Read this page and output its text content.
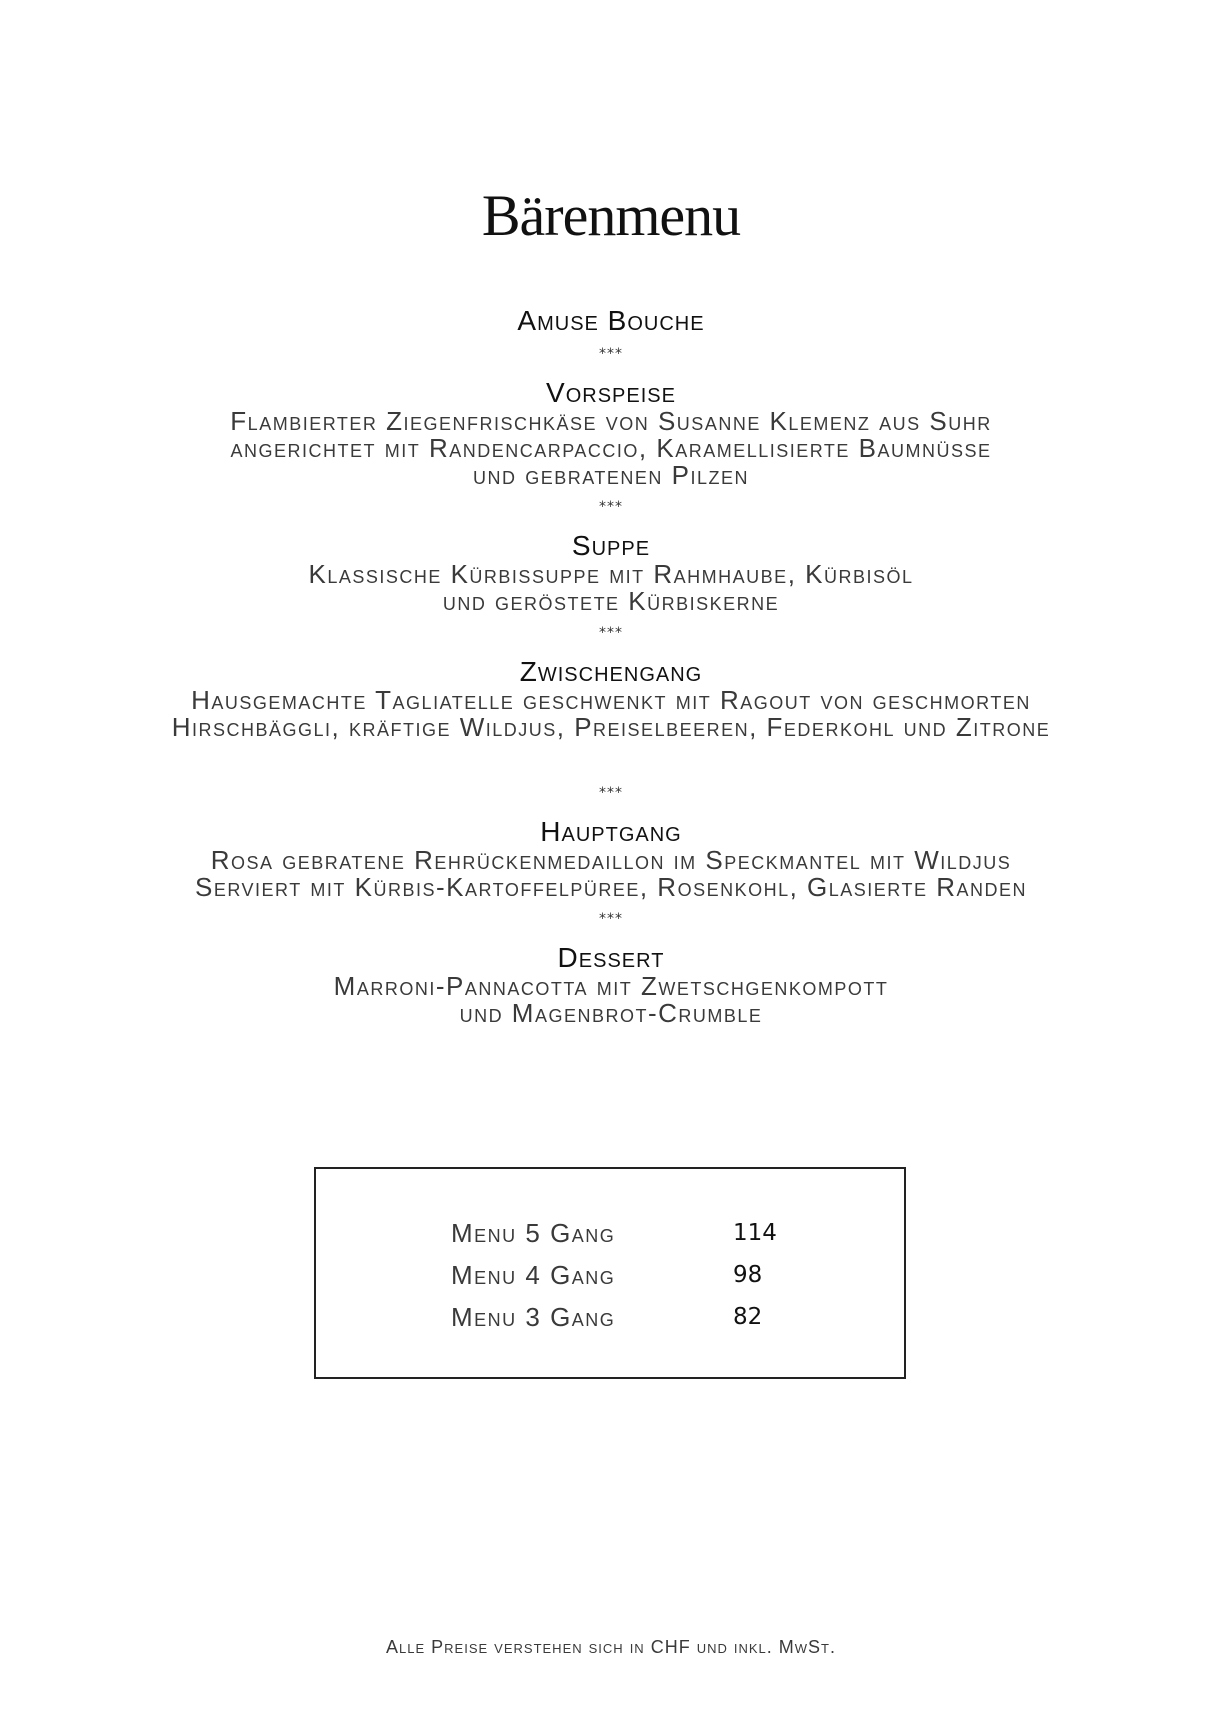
Bärenmenu
Amuse Bouche
***
Vorspeise
Flambierter Ziegenfrischkäse von Susanne Klemenz aus Suhr
angerichtet mit Randencarpaccio, Karamellisierte Baumnüsse
und gebratenen Pilzen
***
Suppe
Klassische Kürbissuppe mit Rahmhaube, Kürbisöl
und geröstete Kürbiskerne
***
Zwischengang
Hausgemachte Tagliatelle geschwenkt mit Ragout von geschmorten
Hirschbäggli, kräftige Wildjus, Preiselbeeren, Federkohl und Zitrone
***
Hauptgang
Rosa gebratene Rehrückenmedaillon im Speckmantel mit Wildjus
Serviert mit Kürbis-Kartoffelpüree, Rosenkohl, Glasierte Randen
***
Dessert
Marroni-Pannacotta mit Zwetschgenkompott
und Magenbrot-Crumble
Menu 5 Gang	114
Menu 4 Gang	98
Menu 3 Gang	82
Alle Preise verstehen sich in CHF und inkl. MwSt.
